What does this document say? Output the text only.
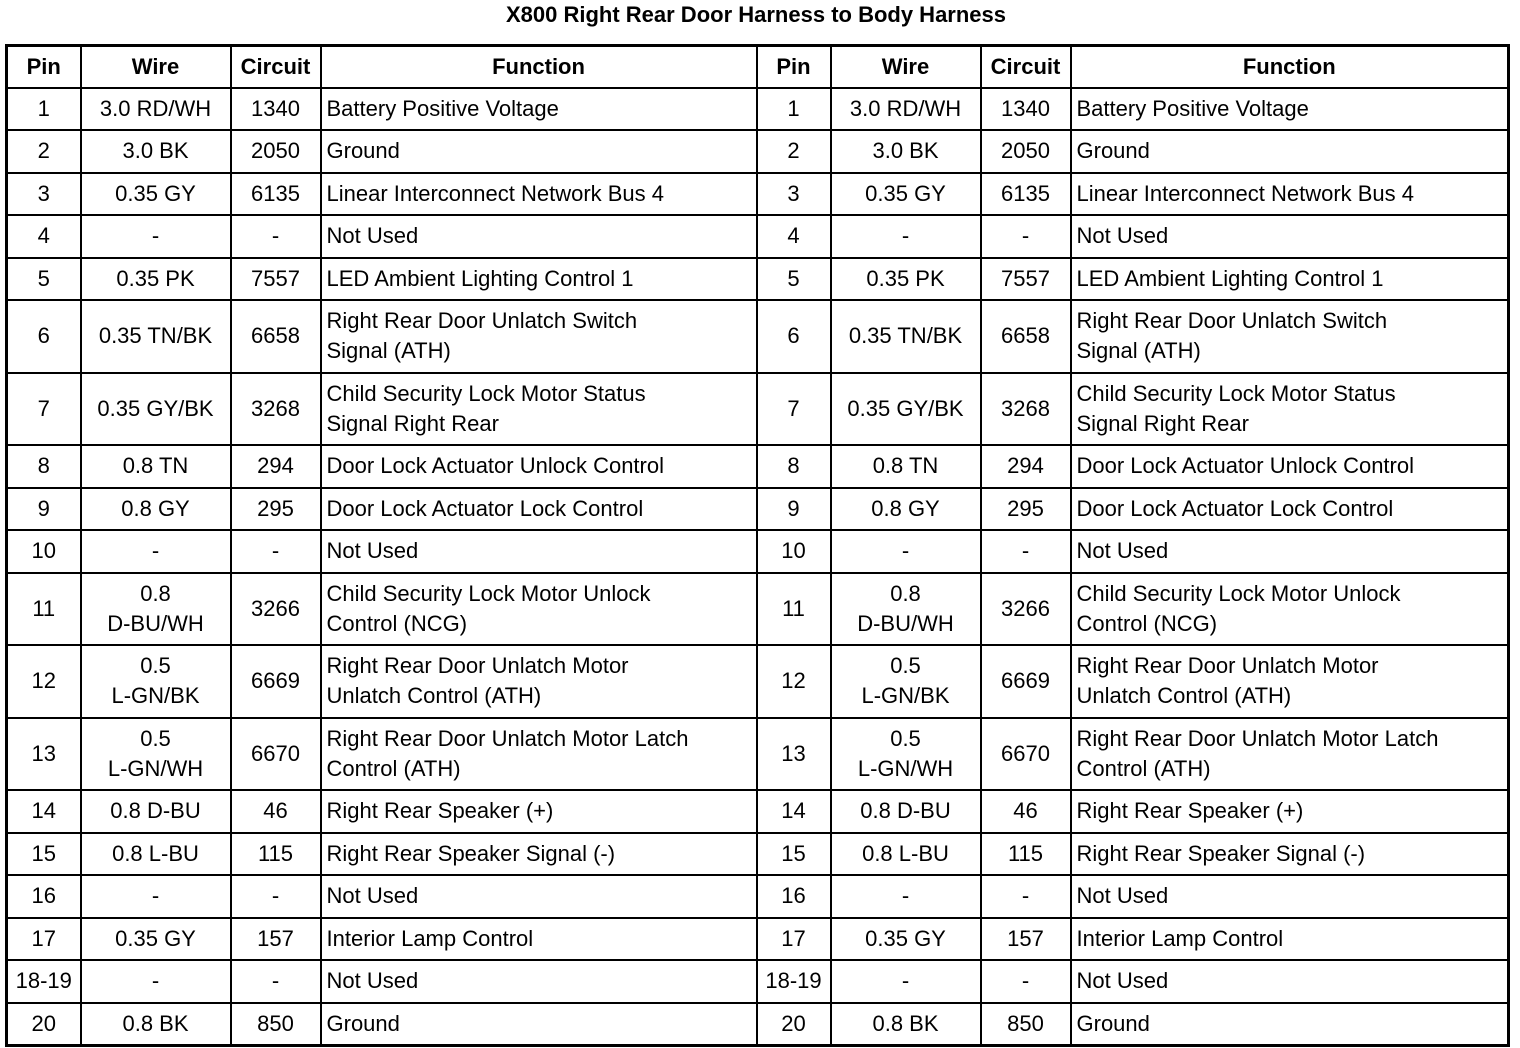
X800 Right Rear Door Harness to Body Harness
Pin	Wire	Circuit	Function	Pin	Wire	Circuit	Function
1	3.0 RD/WH	1340	Battery Positive Voltage	1	3.0 RD/WH	1340	Battery Positive Voltage

2	3.0 BK	2050	Ground	2	3.0 BK	2050	Ground

3	0.35 GY	6135	Linear Interconnect Network Bus 4	3	0.35 GY	6135	Linear Interconnect Network Bus 4

4	-	-	Not Used	4	-	-	Not Used

5	0.35 PK	7557	LED Ambient Lighting Control 1	5	0.35 PK	7557	LED Ambient Lighting Control 1

6	0.35 TN/BK	6658	Right Rear Door Unlatch Switch
Signal (ATH)	6	0.35 TN/BK	6658	Right Rear Door Unlatch Switch
Signal (ATH)

7	0.35 GY/BK	3268	Child Security Lock Motor Status
Signal Right Rear	7	0.35 GY/BK	3268	Child Security Lock Motor Status
Signal Right Rear

8	0.8 TN	294	Door Lock Actuator Unlock Control	8	0.8 TN	294	Door Lock Actuator Unlock Control

9	0.8 GY	295	Door Lock Actuator Lock Control	9	0.8 GY	295	Door Lock Actuator Lock Control

10	-	-	Not Used	10	-	-	Not Used

11	0.8
D-BU/WH	3266	Child Security Lock Motor Unlock
Control (NCG)	11	0.8
D-BU/WH	3266	Child Security Lock Motor Unlock
Control (NCG)

12	0.5
L-GN/BK	6669	Right Rear Door Unlatch Motor
Unlatch Control (ATH)	12	0.5
L-GN/BK	6669	Right Rear Door Unlatch Motor
Unlatch Control (ATH)

13	0.5
L-GN/WH	6670	Right Rear Door Unlatch Motor Latch
Control (ATH)	13	0.5
L-GN/WH	6670	Right Rear Door Unlatch Motor Latch
Control (ATH)

14	0.8 D-BU	46	Right Rear Speaker (+)	14	0.8 D-BU	46	Right Rear Speaker (+)

15	0.8 L-BU	115	Right Rear Speaker Signal (-)	15	0.8 L-BU	115	Right Rear Speaker Signal (-)

16	-	-	Not Used	16	-	-	Not Used

17	0.35 GY	157	Interior Lamp Control	17	0.35 GY	157	Interior Lamp Control

18-19	-	-	Not Used	18-19	-	-	Not Used

20	0.8 BK	850	Ground	20	0.8 BK	850	Ground
